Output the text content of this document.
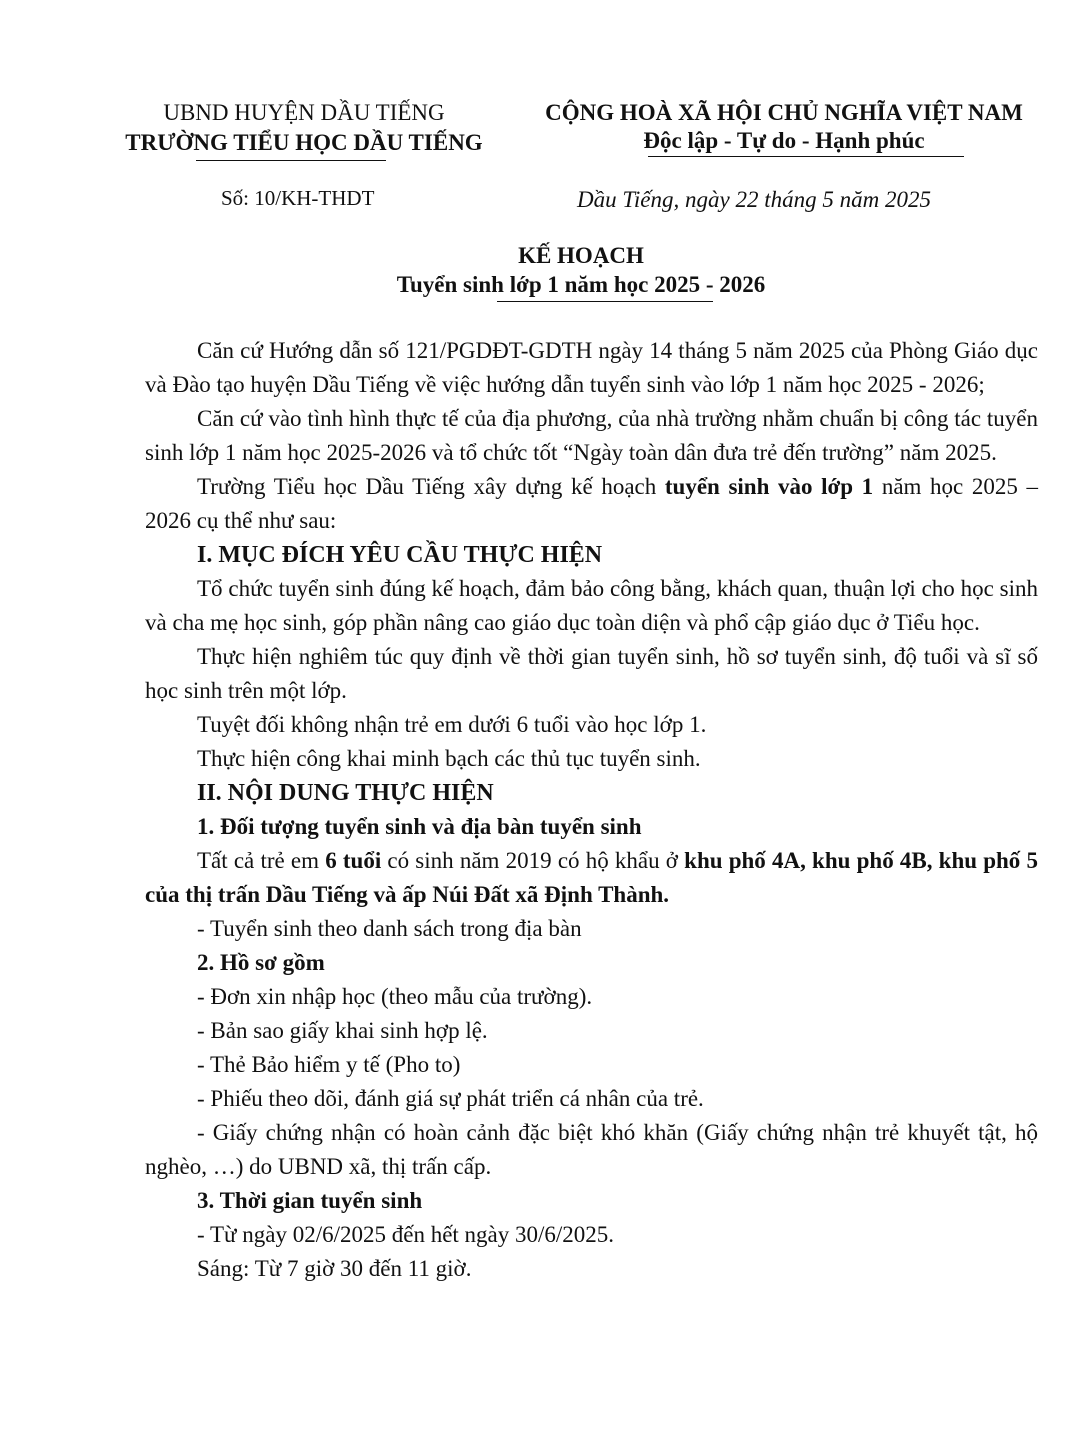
UBND HUYỆN DẦU TIẾNG
TRƯỜNG TIỂU HỌC DẦU TIẾNG
CỘNG HOÀ XÃ HỘI CHỦ NGHĨA VIỆT NAM
Độc lập - Tự do - Hạnh phúc
Số: 10/KH-THDT	Dầu Tiếng, ngày 22 tháng 5 năm 2025
KẾ HOẠCH
Tuyển sinh lớp 1 năm học 2025 - 2026

Căn cứ Hướng dẫn số 121/PGDĐT-GDTH ngày 14 tháng 5 năm 2025 của Phòng Giáo dục và Đào tạo huyện Dầu Tiếng về việc hướng dẫn tuyển sinh vào lớp 1 năm học 2025 - 2026;

Căn cứ vào tình hình thực tế của địa phương, của nhà trường nhằm chuẩn bị công tác tuyển sinh lớp 1 năm học 2025-2026 và tổ chức tốt “Ngày toàn dân đưa trẻ đến trường” năm 2025.

Trường Tiểu học Dầu Tiếng xây dựng kế hoạch tuyển sinh vào lớp 1 năm học 2025 – 2026 cụ thể như sau:

I. MỤC ĐÍCH YÊU CẦU THỰC HIỆN

Tổ chức tuyển sinh đúng kế hoạch, đảm bảo công bằng, khách quan, thuận lợi cho học sinh và cha mẹ học sinh, góp phần nâng cao giáo dục toàn diện và phổ cập giáo dục ở Tiểu học.

Thực hiện nghiêm túc quy định về thời gian tuyển sinh, hồ sơ tuyển sinh, độ tuổi và sĩ số học sinh trên một lớp.

Tuyệt đối không nhận trẻ em dưới 6 tuổi vào học lớp 1.

Thực hiện công khai minh bạch các thủ tục tuyển sinh.

II. NỘI DUNG THỰC HIỆN

1. Đối tượng tuyển sinh và địa bàn tuyển sinh

Tất cả trẻ em 6 tuổi có sinh năm 2019 có hộ khẩu ở khu phố 4A, khu phố 4B, khu phố 5 của thị trấn Dầu Tiếng và ấp Núi Đất xã Định Thành.

- Tuyển sinh theo danh sách trong địa bàn

2. Hồ sơ gồm

- Đơn xin nhập học (theo mẫu của trường).

- Bản sao giấy khai sinh hợp lệ.

- Thẻ Bảo hiểm y tế (Pho to)

- Phiếu theo dõi, đánh giá sự phát triển cá nhân của trẻ.

- Giấy chứng nhận có hoàn cảnh đặc biệt khó khăn (Giấy chứng nhận trẻ khuyết tật, hộ nghèo, …) do UBND xã, thị trấn cấp.

3. Thời gian tuyển sinh

- Từ ngày 02/6/2025 đến hết ngày 30/6/2025.

Sáng: Từ 7 giờ 30 đến 11 giờ.
